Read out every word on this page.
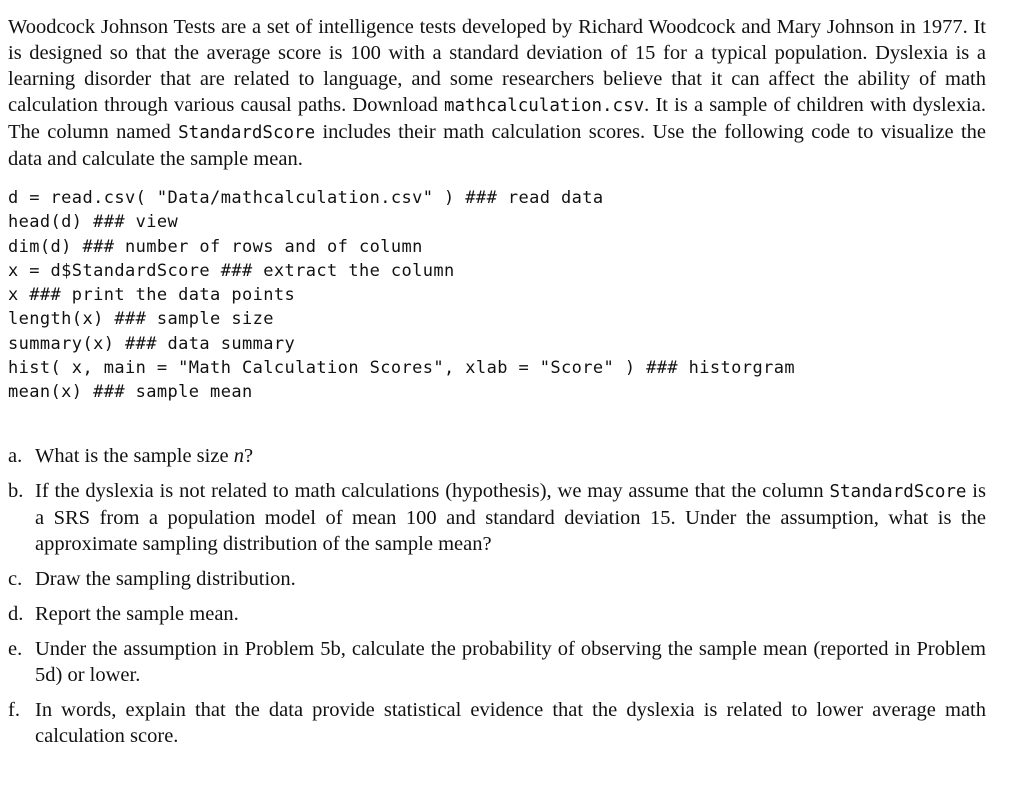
Woodcock Johnson Tests are a set of intelligence tests developed by Richard Woodcock and Mary Johnson in 1977. It is designed so that the average score is 100 with a standard deviation of 15 for a typical population. Dyslexia is a learning disorder that are related to language, and some researchers believe that it can affect the ability of math calculation through various causal paths. Download mathcalculation.csv. It is a sample of children with dyslexia. The column named StandardScore includes their math calculation scores. Use the following code to visualize the data and calculate the sample mean.

d = read.csv( "Data/mathcalculation.csv" ) ### read data
head(d) ### view
dim(d) ### number of rows and of column
x = d$StandardScore ### extract the column
x ### print the data points
length(x) ### sample size
summary(x) ### data summary
hist( x, main = "Math Calculation Scores", xlab = "Score" ) ### historgram
mean(x) ### sample mean
a. What is the sample size n?
b. If the dyslexia is not related to math calculations (hypothesis), we may assume that the column StandardScore is a SRS from a population model of mean 100 and standard deviation 15. Under the assumption, what is the approximate sampling distribution of the sample mean?
c. Draw the sampling distribution.
d. Report the sample mean.
e. Under the assumption in Problem 5b, calculate the probability of observing the sample mean (reported in Problem 5d) or lower.
f. In words, explain that the data provide statistical evidence that the dyslexia is related to lower average math calculation score.
